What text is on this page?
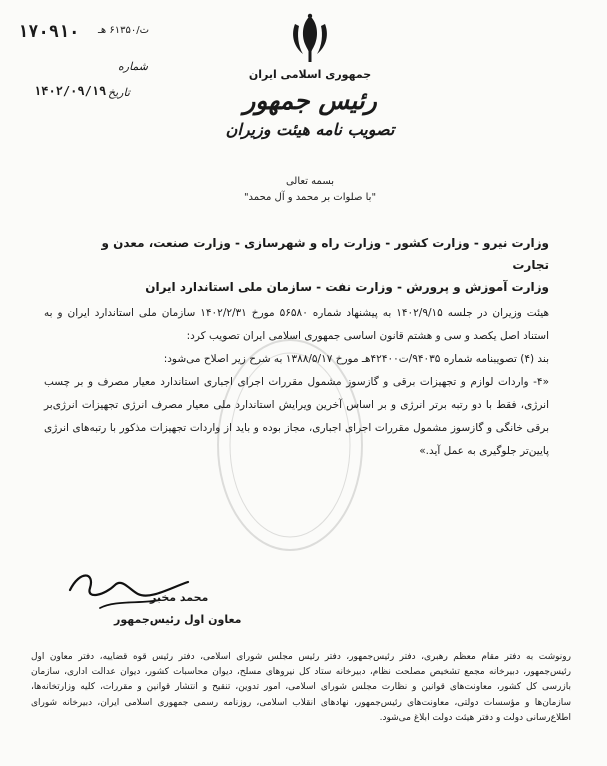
۱۷۰۹۱۰ ت/۶۱۳۵۰ هـ
شماره
تاریخ
۱۴۰۲/۰۹/۱۹
جمهوری اسلامی ایران
رئیس جمهور
تصویب نامه هیئت وزیران
بسمه تعالی
"با صلوات بر محمد و آل محمد"
وزارت نیرو - وزارت کشور - وزارت راه و شهرسازی - وزارت صنعت، معدن و تجارت
وزارت آموزش و پرورش - وزارت نفت - سازمان ملی استاندارد ایران

هیئت وزیران در جلسه ۱۴۰۲/۹/۱۵ به پیشنهاد شماره ۵۶۵۸۰ مورخ ۱۴۰۲/۲/۳۱ سازمان ملی استاندارد ایران و به استناد اصل یکصد و سی و هشتم قانون اساسی جمهوری اسلامی ایران تصویب کرد:

بند (۴) تصویبنامه شماره ۹۴۰۳۵/ت۴۲۴۰۰هـ مورخ ۱۳۸۸/۵/۱۷ به شرح زیر اصلاح می‌شود:

«۴- واردات لوازم و تجهیزات برقی و گازسوز مشمول مقررات اجرای اجباری استاندارد معیار مصرف و بر چسب انرژی، فقط با دو رتبه برتر انرژی و بر اساس آخرین ویرایش استاندارد ملی معیار مصرف انرژی تجهیزات انرژی‌بر برقی خانگی و گازسوز مشمول مقررات اجرای اجباری، مجاز بوده و باید از واردات تجهیزات مذکور با رتبه‌های انرژی پایین‌تر جلوگیری به عمل آید.»

محمد مخبر
معاون اول رئیس‌جمهور
رونوشت به دفتر مقام معظم رهبری، دفتر رئیس‌جمهور، دفتر رئیس مجلس شورای اسلامی، دفتر رئیس قوه قضاییه، دفتر معاون اول رئیس‌جمهور، دبیرخانه مجمع تشخیص مصلحت نظام، دبیرخانه ستاد کل نیروهای مسلح، دیوان محاسبات کشور، دیوان عدالت اداری، سازمان بازرسی کل کشور، معاونت‌های قوانین و نظارت مجلس شورای اسلامی، امور تدوین، تنقیح و انتشار قوانین و مقررات، کلیه وزارتخانه‌ها، سازمان‌ها و مؤسسات دولتی، معاونت‌های رئیس‌جمهور، نهادهای انقلاب اسلامی، روزنامه رسمی جمهوری اسلامی ایران، دبیرخانه شورای اطلاع‌رسانی دولت و دفتر هیئت دولت ابلاغ می‌شود.
